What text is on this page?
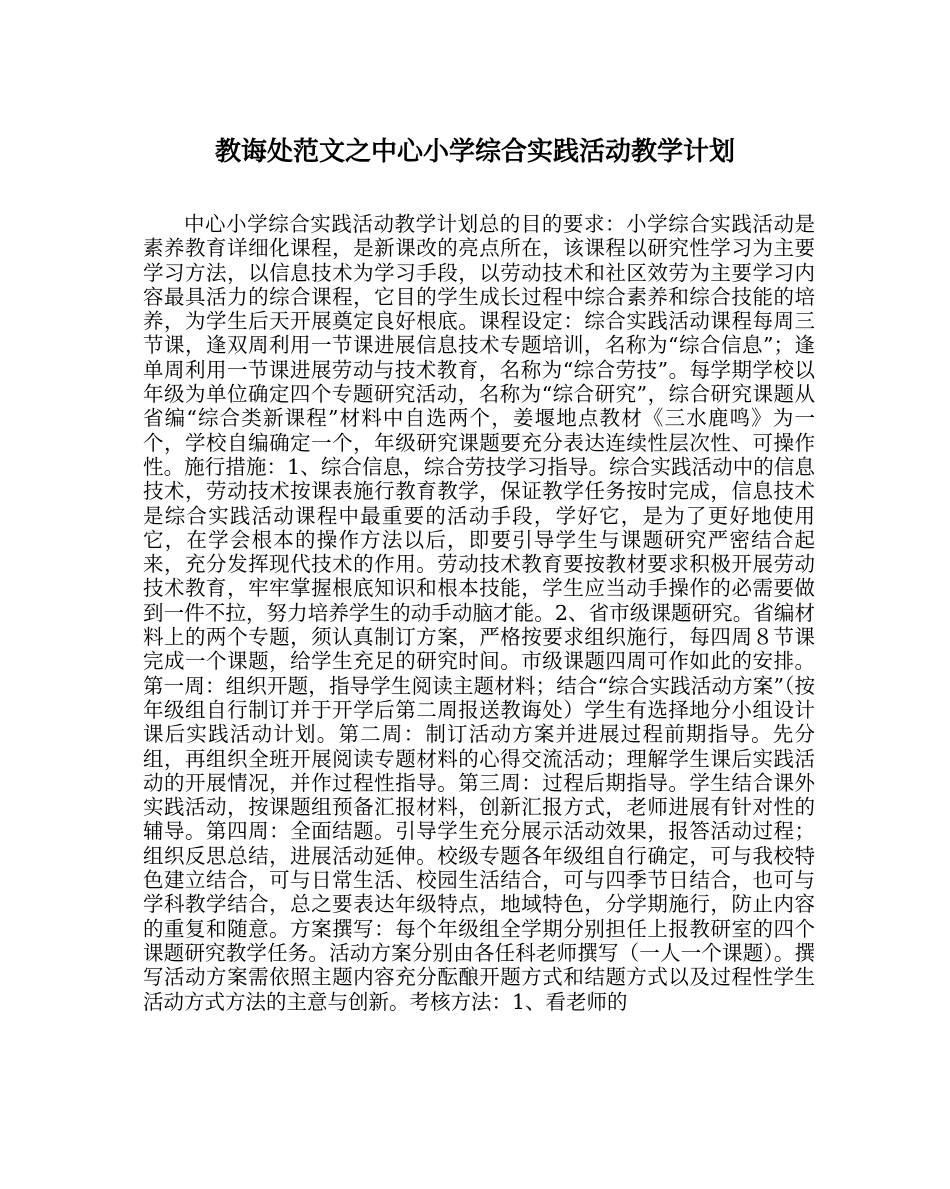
教诲处范文之中心小学综合实践活动教学计划

中心小学综合实践活动教学计划总的目的要求：小学综合实践活动是素养教育详细化课程，是新课改的亮点所在，该课程以研究性学习为主要学习方法，以信息技术为学习手段，以劳动技术和社区效劳为主要学习内容最具活力的综合课程，它目的学生成长过程中综合素养和综合技能的培养，为学生后天开展奠定良好根底。课程设定：综合实践活动课程每周三节课，逢双周利用一节课进展信息技术专题培训，名称为“综合信息”；逢单周利用一节课进展劳动与技术教育，名称为“综合劳技”。每学期学校以年级为单位确定四个专题研究活动，名称为“综合研究”，综合研究课题从省编“综合类新课程”材料中自选两个，姜堰地点教材《三水鹿鸣》为一个，学校自编确定一个，年级研究课题要充分表达连续性层次性、可操作性。施行措施：1、综合信息，综合劳技学习指导。综合实践活动中的信息技术，劳动技术按课表施行教育教学，保证教学任务按时完成，信息技术是综合实践活动课程中最重要的活动手段，学好它，是为了更好地使用它，在学会根本的操作方法以后，即要引导学生与课题研究严密结合起来，充分发挥现代技术的作用。劳动技术教育要按教材要求积极开展劳动技术教育，牢牢掌握根底知识和根本技能，学生应当动手操作的必需要做到一件不拉，努力培养学生的动手动脑才能。2、省市级课题研究。省编材料上的两个专题，须认真制订方案，严格按要求组织施行，每四周８节课完成一个课题，给学生充足的研究时间。市级课题四周可作如此的安排。第一周：组织开题，指导学生阅读主题材料；结合“综合实践活动方案”（按年级组自行制订并于开学后第二周报送教诲处）学生有选择地分小组设计课后实践活动计划。第二周：制订活动方案并进展过程前期指导。先分组，再组织全班开展阅读专题材料的心得交流活动；理解学生课后实践活动的开展情况，并作过程性指导。第三周：过程后期指导。学生结合课外实践活动，按课题组预备汇报材料，创新汇报方式，老师进展有针对性的辅导。第四周：全面结题。引导学生充分展示活动效果，报答活动过程；组织反思总结，进展活动延伸。校级专题各年级组自行确定，可与我校特色建立结合，可与日常生活、校园生活结合，可与四季节日结合，也可与学科教学结合，总之要表达年级特点，地域特色，分学期施行，防止内容的重复和随意。方案撰写：每个年级组全学期分别担任上报教研室的四个课题研究教学任务。活动方案分别由各任科老师撰写（一人一个课题）。撰写活动方案需依照主题内容充分酝酿开题方式和结题方式以及过程性学生活动方式方法的主意与创新。考核方法：1、看老师的
